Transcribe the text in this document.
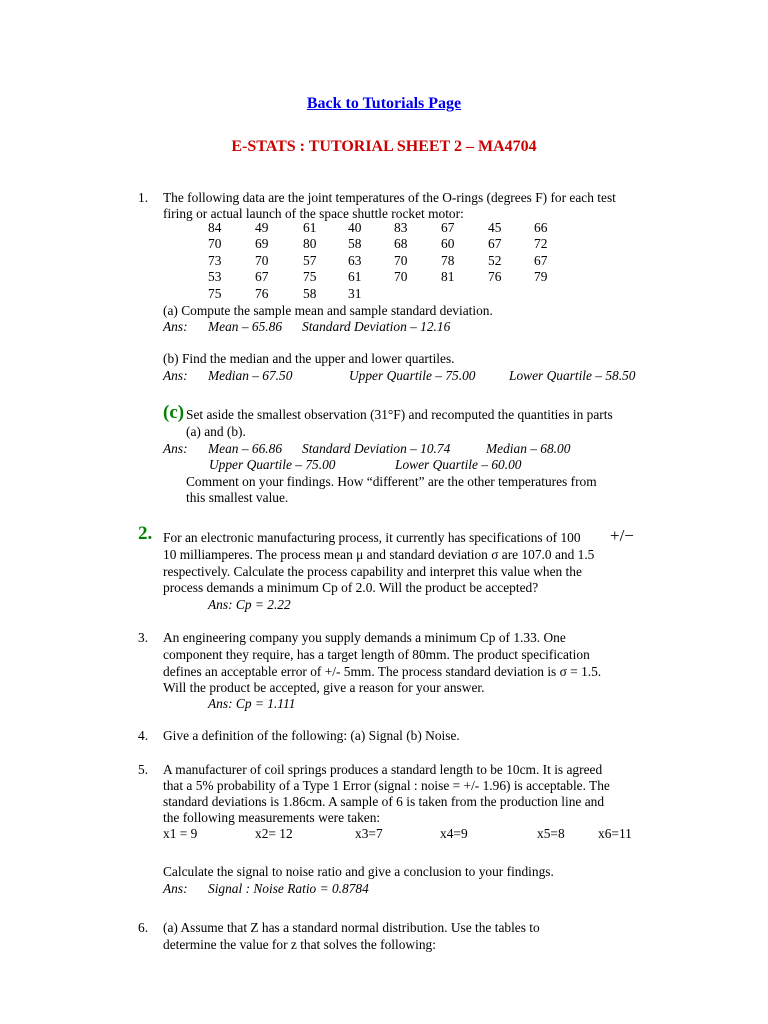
Back to Tutorials Page
E-STATS : TUTORIAL SHEET 2 – MA4704
1. The following data are the joint temperatures of the O-rings (degrees F) for each test
firing or actual launch of the space shuttle rocket motor:
84	49	61 40 83	67	45 66
70	69	80 58 68	60	67 72
73	70	57 63 70	78	52 67
53	67	75 61 70	81	76 79
75	76	58 31
(a) Compute the sample mean and sample standard deviation.
Ans: Mean – 65.86 Standard Deviation – 12.16
(b) Find the median and the upper and lower quartiles.
Ans: Median – 67.50	Upper Quartile – 75.00	Lower Quartile – 58.50
(c) Set aside the smallest observation (31°F) and recomputed the quantities in parts
(a) and (b).
Ans: Mean – 66.86 Standard Deviation – 10.74	Median – 68.00
Upper Quartile – 75.00	Lower Quartile – 60.00
Comment on your findings. How “different” are the other temperatures from
this smallest value.
2. For an electronic manufacturing process, it currently has specifications of 100 +/−
10 milliamperes. The process mean μ and standard deviation σ are 107.0 and 1.5
respectively. Calculate the process capability and interpret this value when the
process demands a minimum Cp of 2.0. Will the product be accepted?
Ans: Cp = 2.22
3. An engineering company you supply demands a minimum Cp of 1.33. One
component they require, has a target length of 80mm. The product specification
defines an acceptable error of +/- 5mm. The process standard deviation is σ = 1.5.
Will the product be accepted, give a reason for your answer.
Ans: Cp = 1.111
4. Give a definition of the following: (a) Signal (b) Noise.
5. A manufacturer of coil springs produces a standard length to be 10cm. It is agreed
that a 5% probability of a Type 1 Error (signal : noise = +/- 1.96) is acceptable. The
standard deviations is 1.86cm. A sample of 6 is taken from the production line and
the following measurements were taken:
x1 = 9	x2= 12	x3=7	x4=9	x5=8 x6=11
Calculate the signal to noise ratio and give a conclusion to your findings.
Ans: Signal : Noise Ratio = 0.8784
6. (a) Assume that Z has a standard normal distribution. Use the tables to
determine the value for z that solves the following:
